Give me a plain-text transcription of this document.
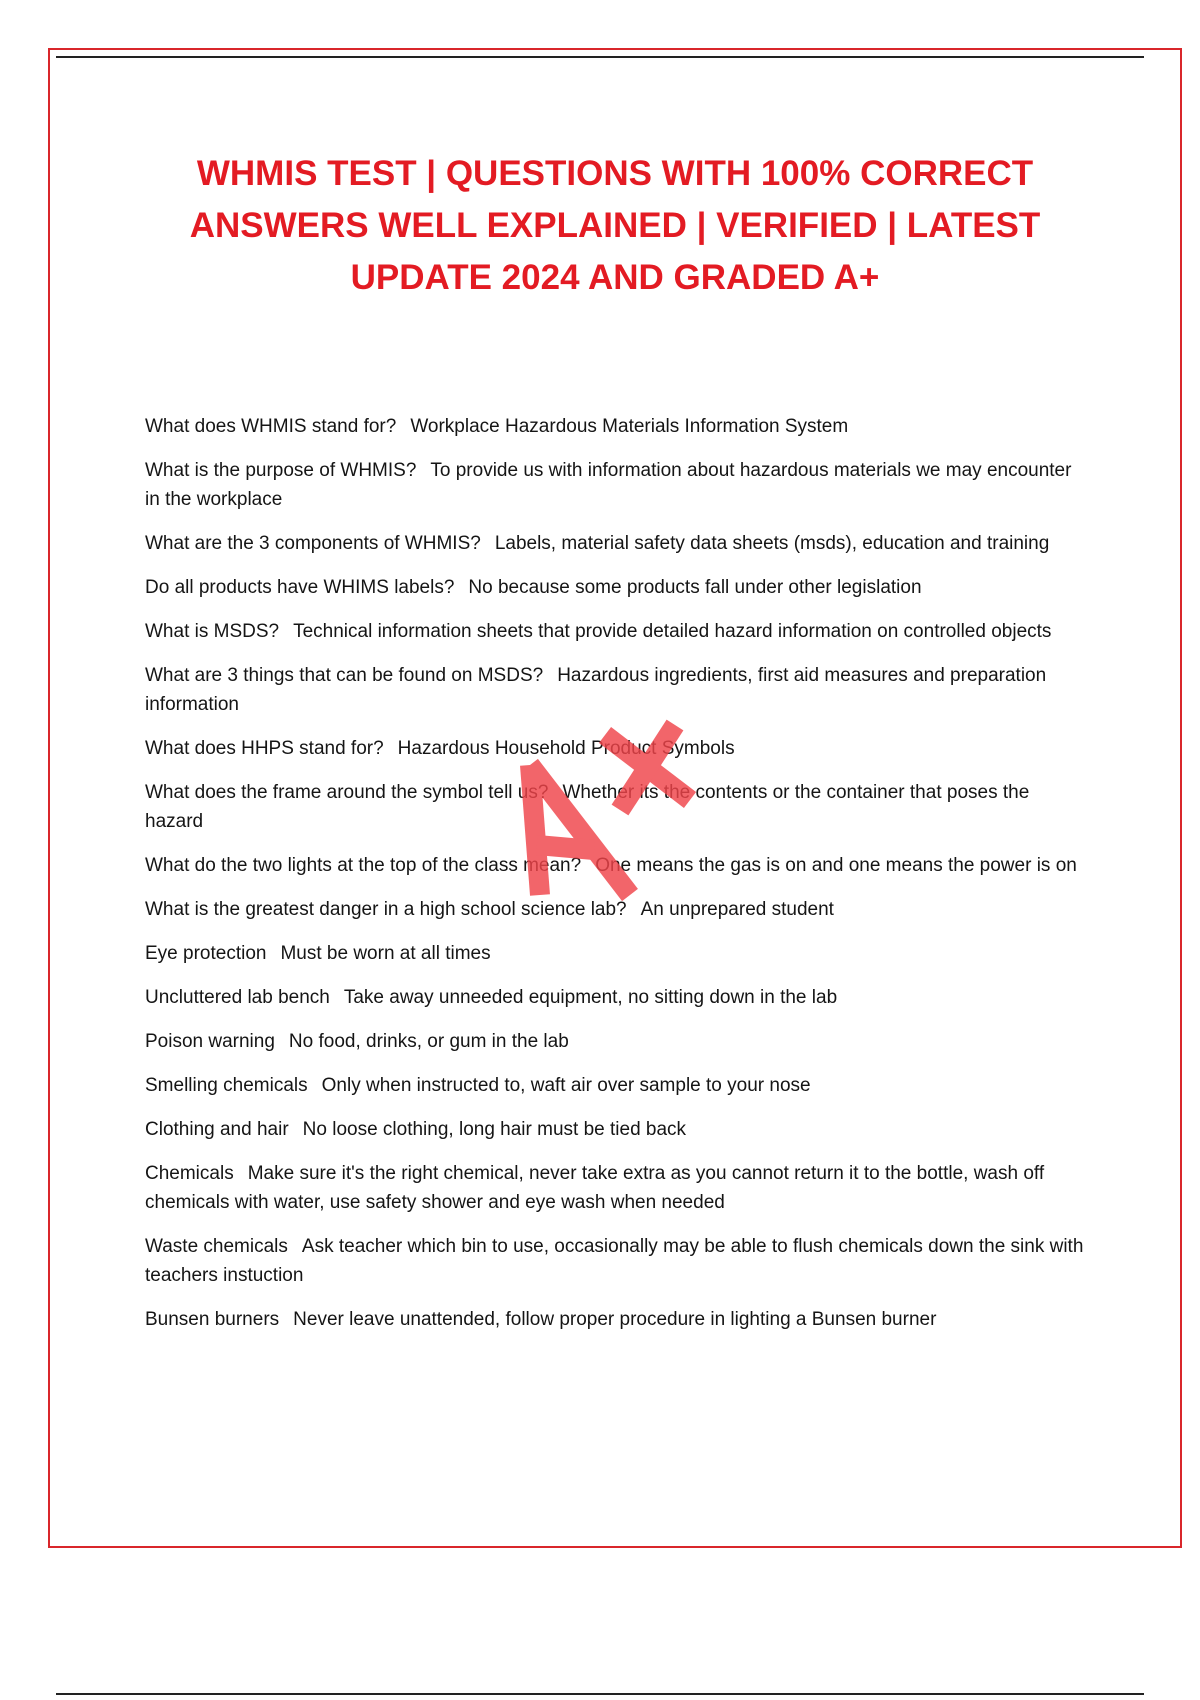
WHMIS TEST | QUESTIONS WITH 100% CORRECT
ANSWERS WELL EXPLAINED | VERIFIED | LATEST
UPDATE 2024 AND GRADED A+
What does WHMIS stand for? Workplace Hazardous Materials Information System
What is the purpose of WHMIS? To provide us with information about hazardous materials we may encounter in the workplace
What are the 3 components of WHMIS? Labels, material safety data sheets (msds), education and training
Do all products have WHIMS labels? No because some products fall under other legislation
What is MSDS? Technical information sheets that provide detailed hazard information on controlled objects
What are 3 things that can be found on MSDS? Hazardous ingredients, first aid measures and preparation information
What does HHPS stand for? Hazardous Household Product Symbols
What does the frame around the symbol tell us? Whether its the contents or the container that poses the hazard
What do the two lights at the top of the class mean? One means the gas is on and one means the power is on
What is the greatest danger in a high school science lab? An unprepared student
Eye protection Must be worn at all times
Uncluttered lab bench Take away unneeded equipment, no sitting down in the lab
Poison warning No food, drinks, or gum in the lab
Smelling chemicals Only when instructed to, waft air over sample to your nose
Clothing and hair No loose clothing, long hair must be tied back
Chemicals Make sure it's the right chemical, never take extra as you cannot return it to the bottle, wash off chemicals with water, use safety shower and eye wash when needed
Waste chemicals Ask teacher which bin to use, occasionally may be able to flush chemicals down the sink with teachers instuction
Bunsen burners Never leave unattended, follow proper procedure in lighting a Bunsen burner
